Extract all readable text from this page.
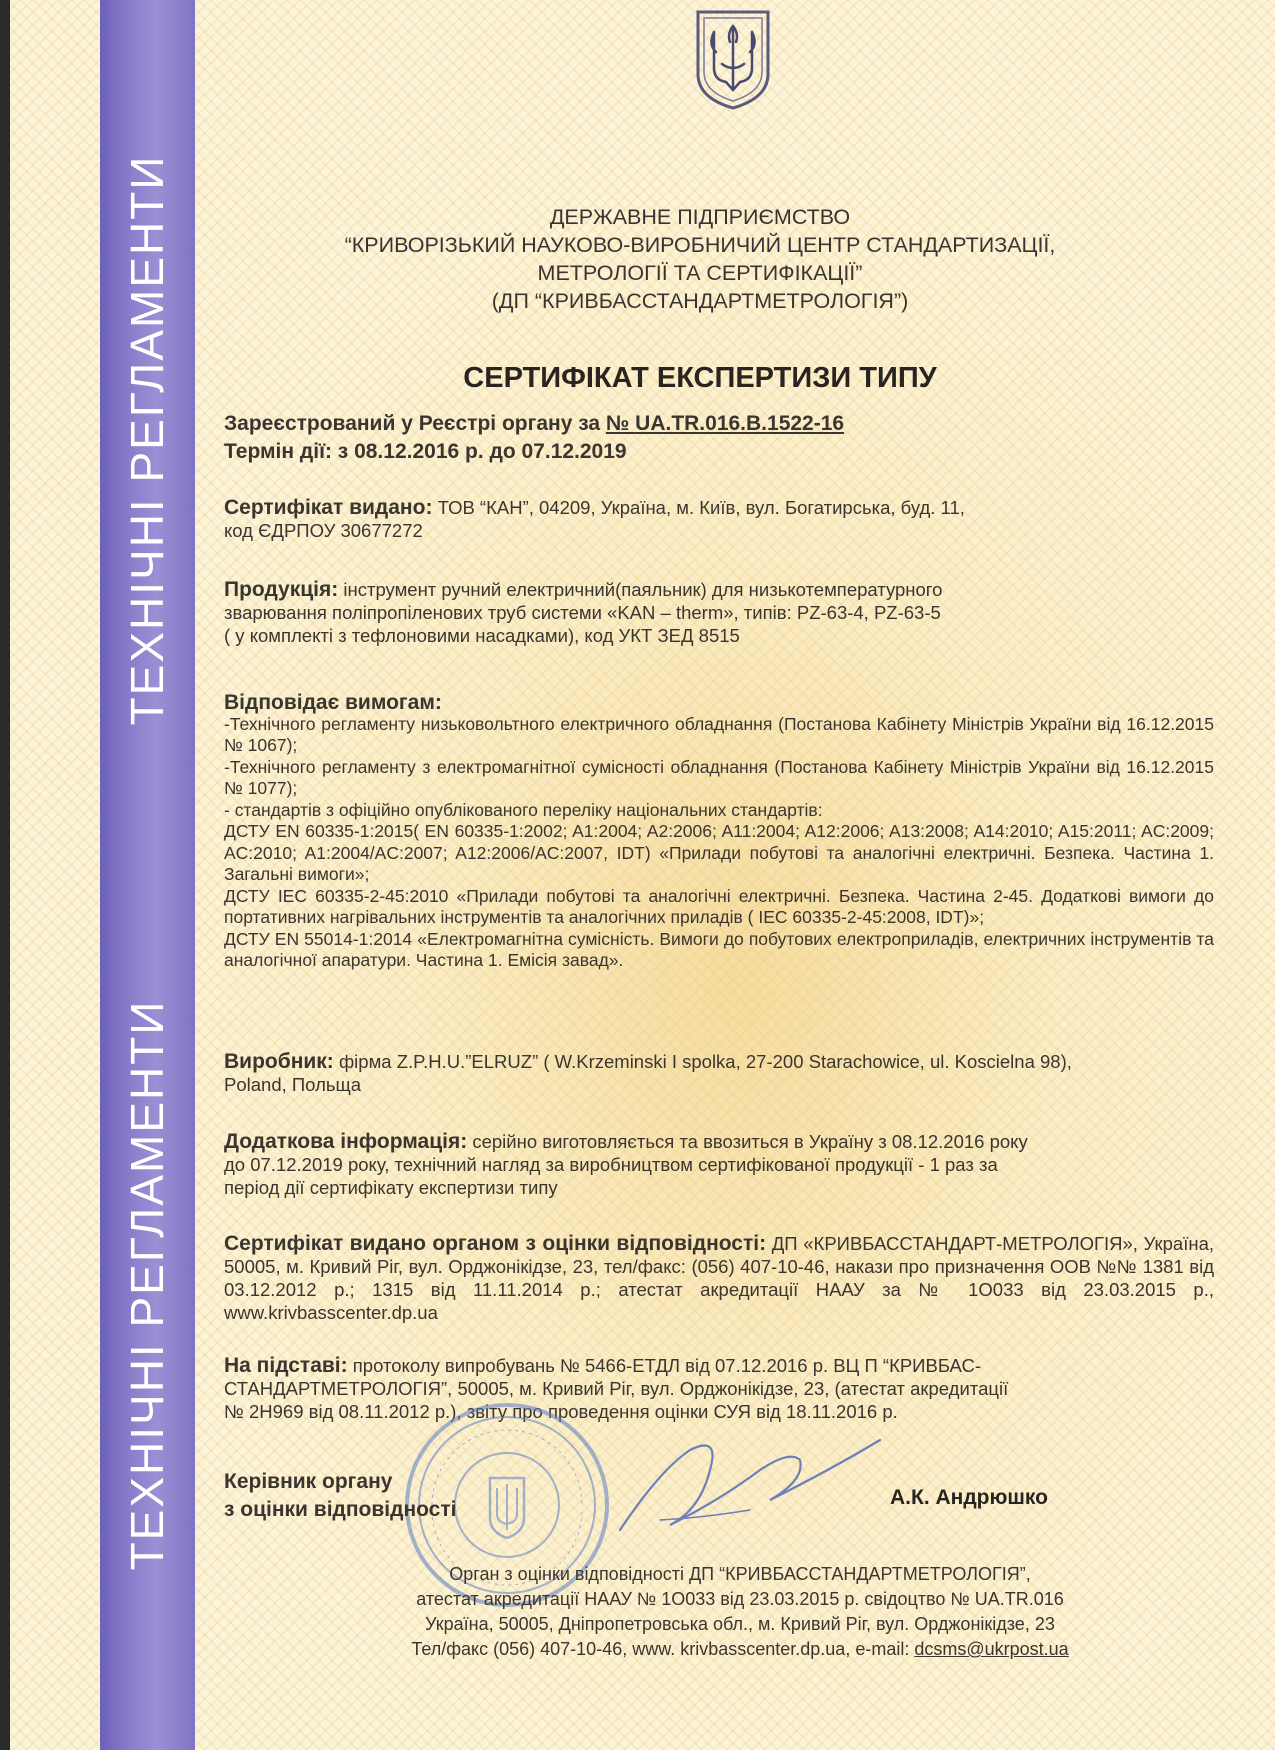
ТЕХНІЧНІ РЕГЛАМЕНТИ
ТЕХНІЧНІ РЕГЛАМЕНТИ
ДЕРЖАВНЕ ПІДПРИЄМСТВО
“КРИВОРІЗЬКИЙ НАУКОВО-ВИРОБНИЧИЙ ЦЕНТР СТАНДАРТИЗАЦІЇ,
МЕТРОЛОГІЇ ТА СЕРТИФІКАЦІЇ”
(ДП “КРИВБАССТАНДАРТМЕТРОЛОГІЯ”)
СЕРТИФІКАТ ЕКСПЕРТИЗИ ТИПУ
Зареєстрований у Реєстрі органу за № UA.TR.016.B.1522-16
Термін дії: з 08.12.2016 р. до 07.12.2019
Сертифікат видано: ТОВ “КАН”, 04209, Україна, м. Київ, вул. Богатирська, буд. 11,
код ЄДРПОУ 30677272
Продукція: інструмент ручний електричний(паяльник) для низькотемпературного
зварювання поліпропіленових труб системи «KAN – therm», типів: PZ-63-4, PZ-63-5
( у комплекті з тефлоновими насадками), код УКТ ЗЕД 8515
Відповідає вимогам:
-Технічного регламенту низьковольтного електричного обладнання (Постанова Кабінету Міністрів України від 16.12.2015 № 1067);
-Технічного регламенту з електромагнітної сумісності обладнання (Постанова Кабінету Міністрів України від 16.12.2015 № 1077);
- стандартів з офіційно опублікованого переліку національних стандартів:
ДСТУ EN 60335-1:2015( EN 60335-1:2002; A1:2004; A2:2006; A11:2004; A12:2006; A13:2008; A14:2010; A15:2011; AC:2009; AC:2010; A1:2004/AC:2007; A12:2006/AC:2007, IDT) «Прилади побутові та аналогічні електричні. Безпека. Частина 1. Загальні вимоги»;
ДСТУ IEC 60335-2-45:2010 «Прилади побутові та аналогічні електричні. Безпека. Частина 2-45. Додаткові вимоги до портативних нагрівальних інструментів та аналогічних приладів ( IEC 60335-2-45:2008, IDT)»;
ДСТУ EN 55014-1:2014 «Електромагнітна сумісність. Вимоги до побутових електроприладів, електричних інструментів та аналогічної апаратури. Частина 1. Емісія завад».
Виробник: фірма Z.P.H.U.”ELRUZ” ( W.Krzeminski I spolka, 27-200 Starachowice, ul. Koscielna 98),
Poland, Польща
Додаткова інформація: серійно виготовляється та ввозиться в Україну з 08.12.2016 року
до 07.12.2019 року, технічний нагляд за виробництвом сертифікованої продукції - 1 раз за
період дії сертифікату експертизи типу
Сертифікат видано органом з оцінки відповідності: ДП «КРИВБАССТАНДАРТ-МЕТРОЛОГІЯ», Україна, 50005, м. Кривий Ріг, вул. Орджонікідзе, 23, тел/факс: (056) 407-10-46, накази про призначення ООВ №№ 1381 від 03.12.2012 р.; 1315 від 11.11.2014 р.; атестат акредитації НААУ за № 1О033 від 23.03.2015 р., www.krivbasscenter.dp.ua
На підставі: протоколу випробувань № 5466-ЕТДЛ від 07.12.2016 р. ВЦ П “КРИВБАС-
СТАНДАРТМЕТРОЛОГІЯ”, 50005, м. Кривий Ріг, вул. Орджонікідзе, 23, (атестат акредитації
№ 2Н969 від 08.11.2012 р.), звіту про проведення оцінки СУЯ від 18.11.2016 р.
Керівник органу
з оцінки відповідності
А.К. Андрюшко
Орган з оцінки відповідності ДП “КРИВБАССТАНДАРТМЕТРОЛОГІЯ”,
атестат акредитації НААУ № 1О033 від 23.03.2015 р. свідоцтво № UA.TR.016
Україна, 50005, Дніпропетровська обл., м. Кривий Ріг, вул. Орджонікідзе, 23
Тел/факс (056) 407-10-46, www. krivbasscenter.dp.ua, e-mail: dcsms@ukrpost.ua
